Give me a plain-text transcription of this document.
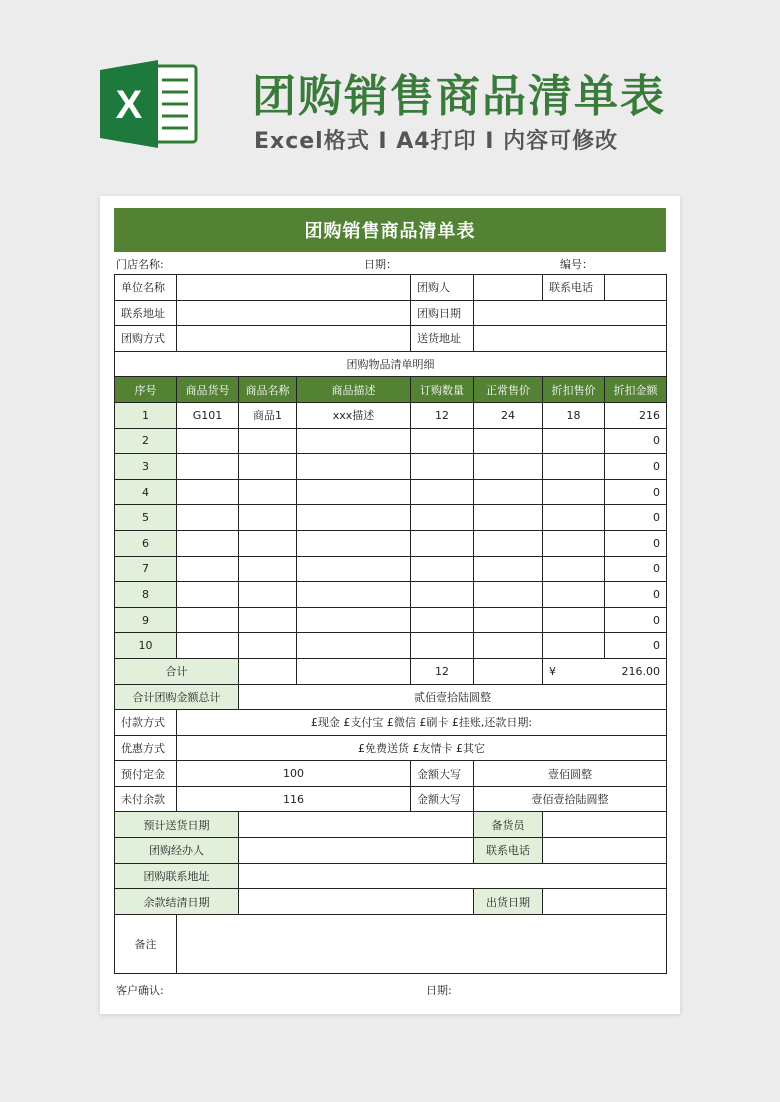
X 团购销售商品清单表
Excel格式 I A4打印 I 内容可修改
团购销售商品清单表
门店名称:	日期：	编号：
单位名称				团购人		联系电话	
联系地址				团购日期			
团购方式				送货地址			
团购物品清单明细							
序号	商品货号	商品名称	商品描述	订购数量	正常售价	折扣售价	折扣金额
1	G101	商品1	xxx描述	12	24	18	216
2							0
3							0
4							0
5							0
6							0
7							0
8							0
9							0
10							0
合计				12		¥ 216.00	

合计团购金额总计		贰佰壹拾陆圆整					
付款方式	£现金 £支付宝 £微信 £刷卡 £挂账,还款日期:						
优惠方式	£免费送货 £友情卡 £其它						
预付定金	100			金额大写	壹佰圆整		
未付余款	116			金额大写	壹佰壹拾陆圆整		
预计送货日期					备货员		
团购经办人					联系电话		
团购联系地址							
余款结清日期					出货日期		
备注							
客户确认:	日期:
